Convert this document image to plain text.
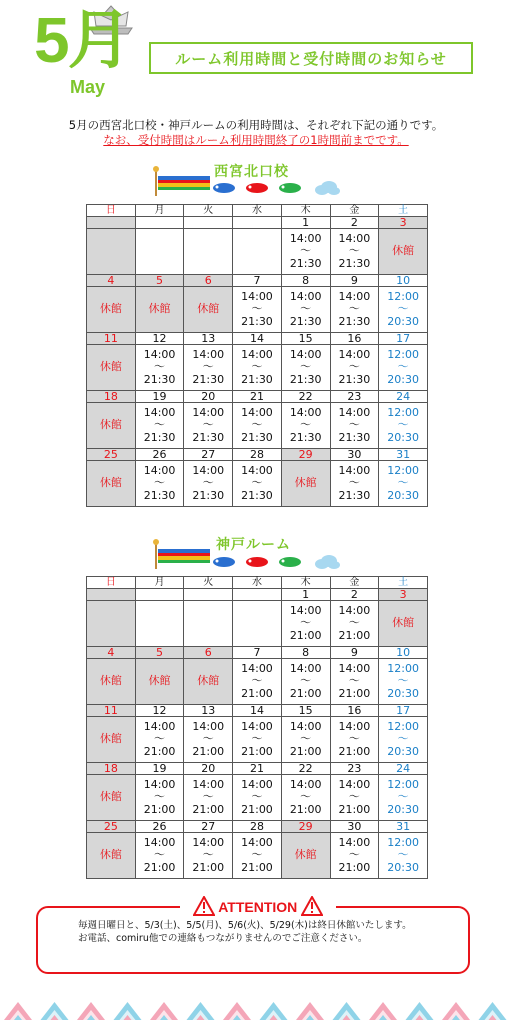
5月
May
ルーム利用時間と受付時間のお知らせ
5月の西宮北口校・神戸ルームの利用時間は、それぞれ下記の通りです。
なお、受付時間はルーム利用時間終了の1時間前までです。
西宮北口校
日	月	火	水	木	金	土
				1	2	3
				14:00
〜
21:30	14:00
〜
21:30	休館
4	5	6	7	8	9	10
休館	休館	休館	14:00
〜
21:30	14:00
〜
21:30	14:00
〜
21:30	12:00
〜
20:30
11	12	13	14	15	16	17
休館	14:00
〜
21:30	14:00
〜
21:30	14:00
〜
21:30	14:00
〜
21:30	14:00
〜
21:30	12:00
〜
20:30
18	19	20	21	22	23	24
休館	14:00
〜
21:30	14:00
〜
21:30	14:00
〜
21:30	14:00
〜
21:30	14:00
〜
21:30	12:00
〜
20:30
25	26	27	28	29	30	31
休館	14:00
〜
21:30	14:00
〜
21:30	14:00
〜
21:30	休館	14:00
〜
21:30	12:00
〜
20:30
神戸ルーム
日	月	火	水	木	金	土
				1	2	3
				14:00
〜
21:00	14:00
〜
21:00	休館
4	5	6	7	8	9	10
休館	休館	休館	14:00
〜
21:00	14:00
〜
21:00	14:00
〜
21:00	12:00
〜
20:30
11	12	13	14	15	16	17
休館	14:00
〜
21:00	14:00
〜
21:00	14:00
〜
21:00	14:00
〜
21:00	14:00
〜
21:00	12:00
〜
20:30
18	19	20	21	22	23	24
休館	14:00
〜
21:00	14:00
〜
21:00	14:00
〜
21:00	14:00
〜
21:00	14:00
〜
21:00	12:00
〜
20:30
25	26	27	28	29	30	31
休館	14:00
〜
21:00	14:00
〜
21:00	14:00
〜
21:00	休館	14:00
〜
21:00	12:00
〜
20:30
ATTENTION
毎週日曜日と、5/3(土)、5/5(月)、5/6(火)、5/29(木)は終日休館いたします。
お電話、comiru他での連絡もつながりませんのでご注意ください。
